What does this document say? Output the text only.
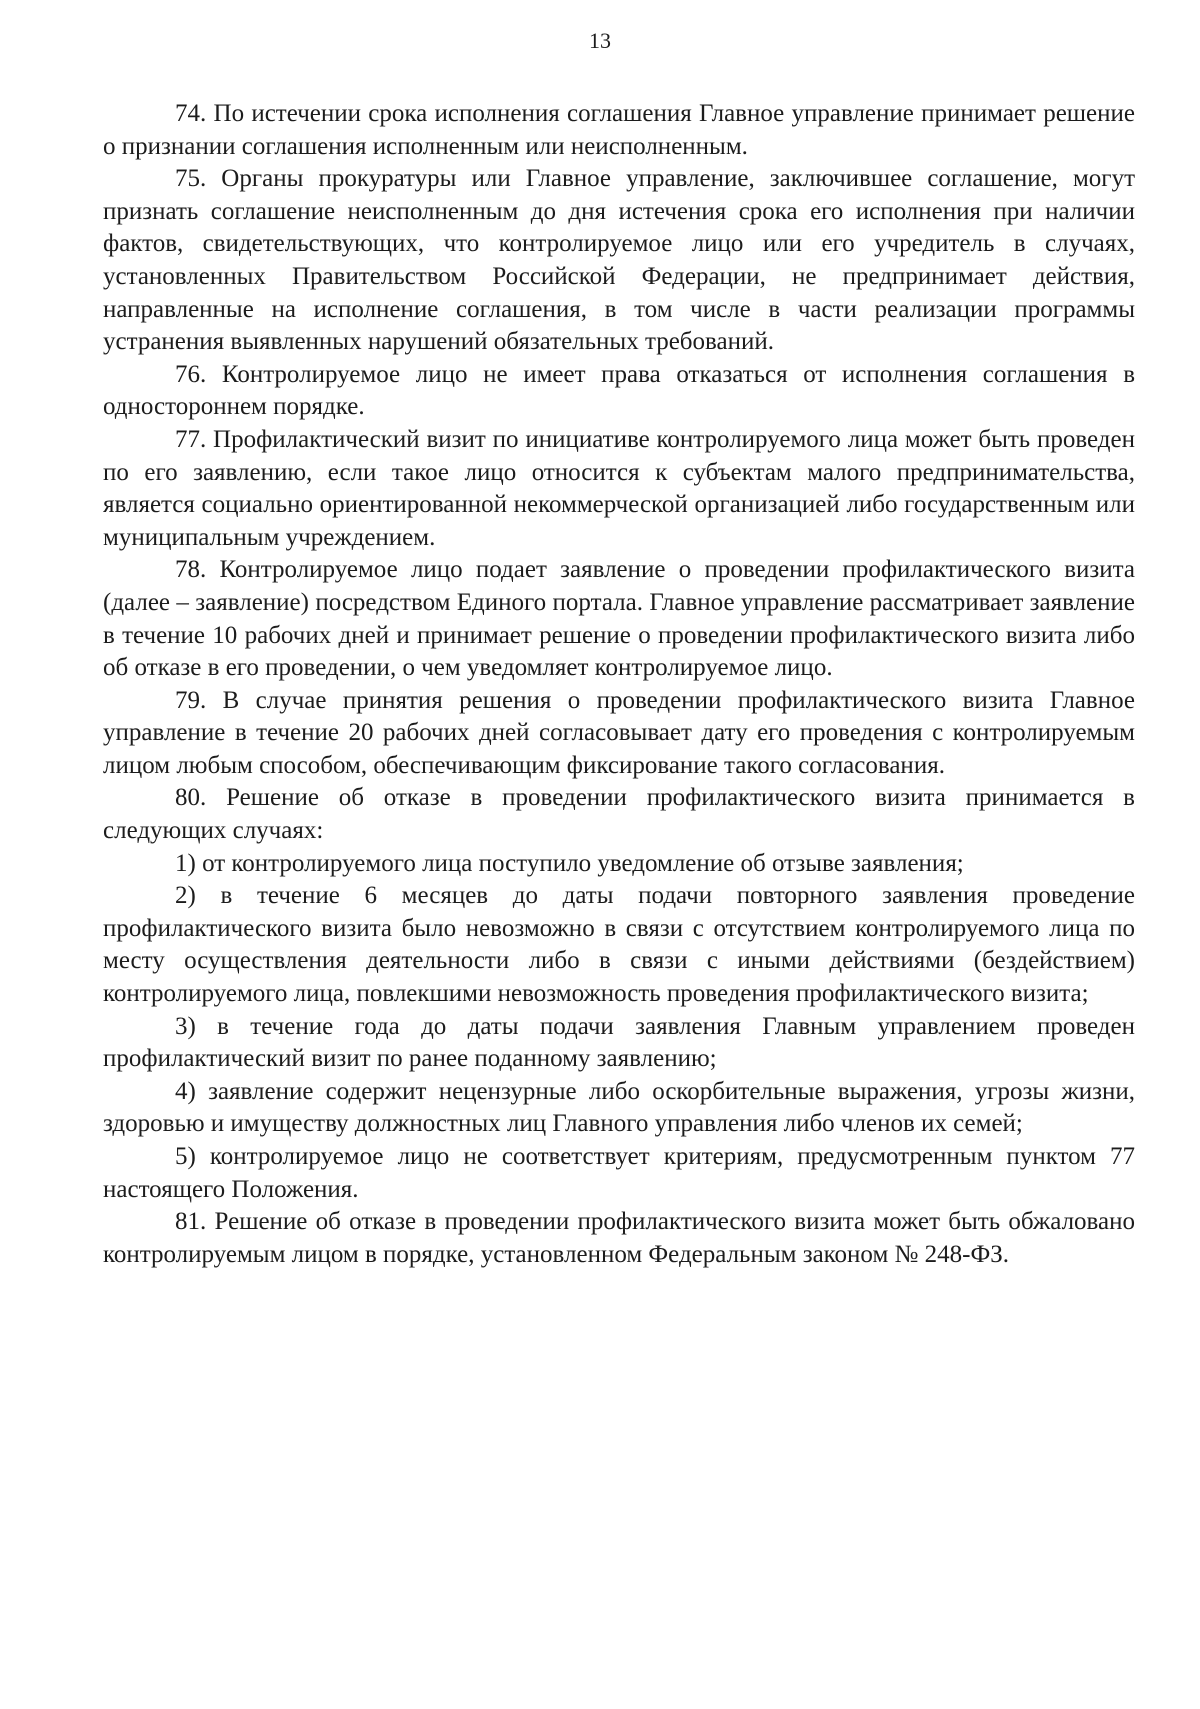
13

74. По истечении срока исполнения соглашения Главное управление принимает решение о признании соглашения исполненным или неисполненным.

75. Органы прокуратуры или Главное управление, заключившее соглашение, могут признать соглашение неисполненным до дня истечения срока его исполнения при наличии фактов, свидетельствующих, что контролируемое лицо или его учредитель в случаях, установленных Правительством Российской Федерации, не предпринимает действия, направленные на исполнение соглашения, в том числе в части реализации программы устранения выявленных нарушений обязательных требований.

76. Контролируемое лицо не имеет права отказаться от исполнения соглашения в одностороннем порядке.

77. Профилактический визит по инициативе контролируемого лица может быть проведен по его заявлению, если такое лицо относится к субъектам малого предпринимательства, является социально ориентированной некоммерческой организацией либо государственным или муниципальным учреждением.

78. Контролируемое лицо подает заявление о проведении профилактического визита (далее – заявление) посредством Единого портала. Главное управление рассматривает заявление в течение 10 рабочих дней и принимает решение о проведении профилактического визита либо об отказе в его проведении, о чем уведомляет контролируемое лицо.

79. В случае принятия решения о проведении профилактического визита Главное управление в течение 20 рабочих дней согласовывает дату его проведения с контролируемым лицом любым способом, обеспечивающим фиксирование такого согласования.

80. Решение об отказе в проведении профилактического визита принимается в следующих случаях:

1) от контролируемого лица поступило уведомление об отзыве заявления;

2) в течение 6 месяцев до даты подачи повторного заявления проведение профилактического визита было невозможно в связи с отсутствием контролируемого лица по месту осуществления деятельности либо в связи с иными действиями (бездействием) контролируемого лица, повлекшими невозможность проведения профилактического визита;

3) в течение года до даты подачи заявления Главным управлением проведен профилактический визит по ранее поданному заявлению;

4) заявление содержит нецензурные либо оскорбительные выражения, угрозы жизни, здоровью и имуществу должностных лиц Главного управления либо членов их семей;

5) контролируемое лицо не соответствует критериям, предусмотренным пунктом 77 настоящего Положения.

81. Решение об отказе в проведении профилактического визита может быть обжаловано контролируемым лицом в порядке, установленном Федеральным законом № 248-ФЗ.
